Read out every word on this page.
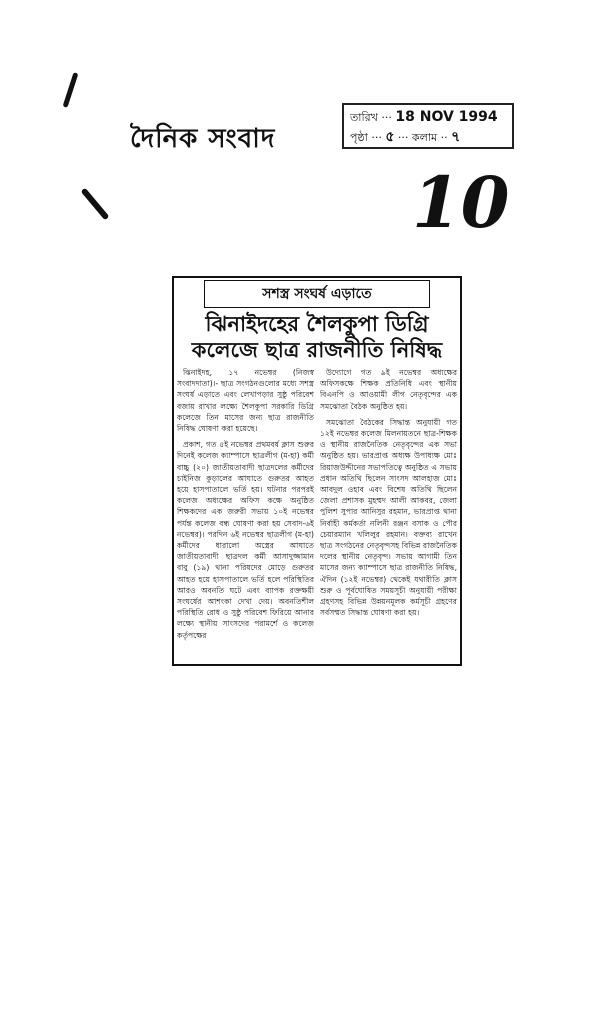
দৈনিক সংবাদ
তারিখ ··· 18 NOV 1994
পৃষ্ঠা ··· ৫ ··· কলাম ·· ৭
10
সশস্ত্র সংঘর্ষ এড়াতে
ঝিনাইদহের শৈলকুপা ডিগ্রি
কলেজে ছাত্র রাজনীতি নিষিদ্ধ

ঝিনাইদহ, ১৭ নভেম্বর (নিজস্ব সংবাদদাতা)।- ছাত্র সংগঠনগুলোর মধ্যে সশস্ত্র সংঘর্ষ এড়াতে এবং লেখাপড়ার সুষ্ঠু পরিবেশ বজায় রাখার লক্ষ্যে শৈলকুপা সরকারি ডিগ্রি কলেজে তিন মাসের জন্য ছাত্র রাজনীতি নিষিদ্ধ ঘোষণা করা হয়েছে।

প্রকাশ, গত ৫ই নভেম্বর প্রথমবর্ষ ক্লাস শুরুর দিনেই কলেজ ক্যাম্পাসে ছাত্রলীগ (ম-হা) কর্মী বাচ্চু (২০) জাতীয়তাবাদী ছাত্রদলের কর্মীদের চাইনিজ কুড়ালের আঘাতে গুরুতর আহত হয়ে হাসপাতালে ভর্তি হয়। ঘটনার পরপরই কলেজ অধ্যক্ষের অফিস কক্ষে অনুষ্ঠিত শিক্ষকদের এক জরুরী সভায় ১০ই নভেম্বর পর্যন্ত কলেজ বন্ধ ঘোষণা করা হয় সেবাদ-৬ই নভেম্বর)। পরদিন ৬ই নভেম্বর ছাত্রলীগ (ম-হা) কর্মীদের ধারালো অস্ত্রের আঘাতে জাতীয়তাবাদী ছাত্রদল কর্মী আসাদুজ্জামান বাবু (১৯) থানা পরিষদের মোড়ে গুরুতর আহত হয়ে হাসপাতালে ভর্তি হলে পরিস্থিতির আরও অবনতি ঘটে এবং ব্যাপক রক্তক্ষয়ী সংঘর্ষের আশংকা দেখা দেয়। অবনতিশীল পরিস্থিতি রোধ ও সুষ্ঠু পরিবেশ ফিরিয়ে আনার লক্ষ্যে স্থানীয় সাংসদের পরামর্শে ও কলেজ কর্তৃপক্ষের

উদ্যোগে গত ৯ই নভেম্বর অধ্যক্ষের অফিসকক্ষে শিক্ষক প্রতিনিধি এবং স্থানীয় বিএনপি ও আওয়ামী লীগ নেতৃবৃন্দের এক সমঝোতা বৈঠক অনুষ্ঠিত হয়।

সমঝোতা বৈঠকের সিদ্ধান্ত অনুযায়ী গত ১২ই নভেম্বর কলেজ মিলনায়তনে ছাত্র-শিক্ষক ও স্থানীয় রাজনৈতিক নেতৃবৃন্দের এক সভা অনুষ্ঠিত হয়। ভারপ্রাপ্ত অধ্যক্ষ উপাধ্যক্ষ মোঃ রিয়াজউদ্দীনের সভাপতিত্বে অনুষ্ঠিত এ সভায় প্রধান অতিথি ছিলেন সাংসদ আলহাজ মোঃ আবদুল ওহাব এবং বিশেষ অতিথি ছিলেন জেলা প্রশাসক মুহম্মদ আলী আকবর, জেলা পুলিশ সুপার আনিসুর রহমান, ভারপ্রাপ্ত থানা নির্বাহী কর্মকর্তা নলিনী রঞ্জন বসাক ও পৌর চেয়ারম্যান খলিলুর রহমান। বক্তব্য রাখেন ছাত্র সংগঠনের নেতৃবৃন্দসহ বিভিন্ন রাজনৈতিক দলের স্থানীয় নেতৃবৃন্দ। সভায় আগামী তিন মাসের জন্য ক্যাম্পাসে ছাত্র রাজনীতি নিষিদ্ধ, ঐদিন (১২ই নভেম্বর) থেকেই যথারীতি ক্লাস শুরু ও পূর্বঘোষিত সময়সূচী অনুযায়ী পরীক্ষা গ্রহণসহ বিভিন্ন উন্নয়নমূলক কর্মসূচী গ্রহণের সর্বসম্মত সিদ্ধান্ত ঘোষণা করা হয়।
